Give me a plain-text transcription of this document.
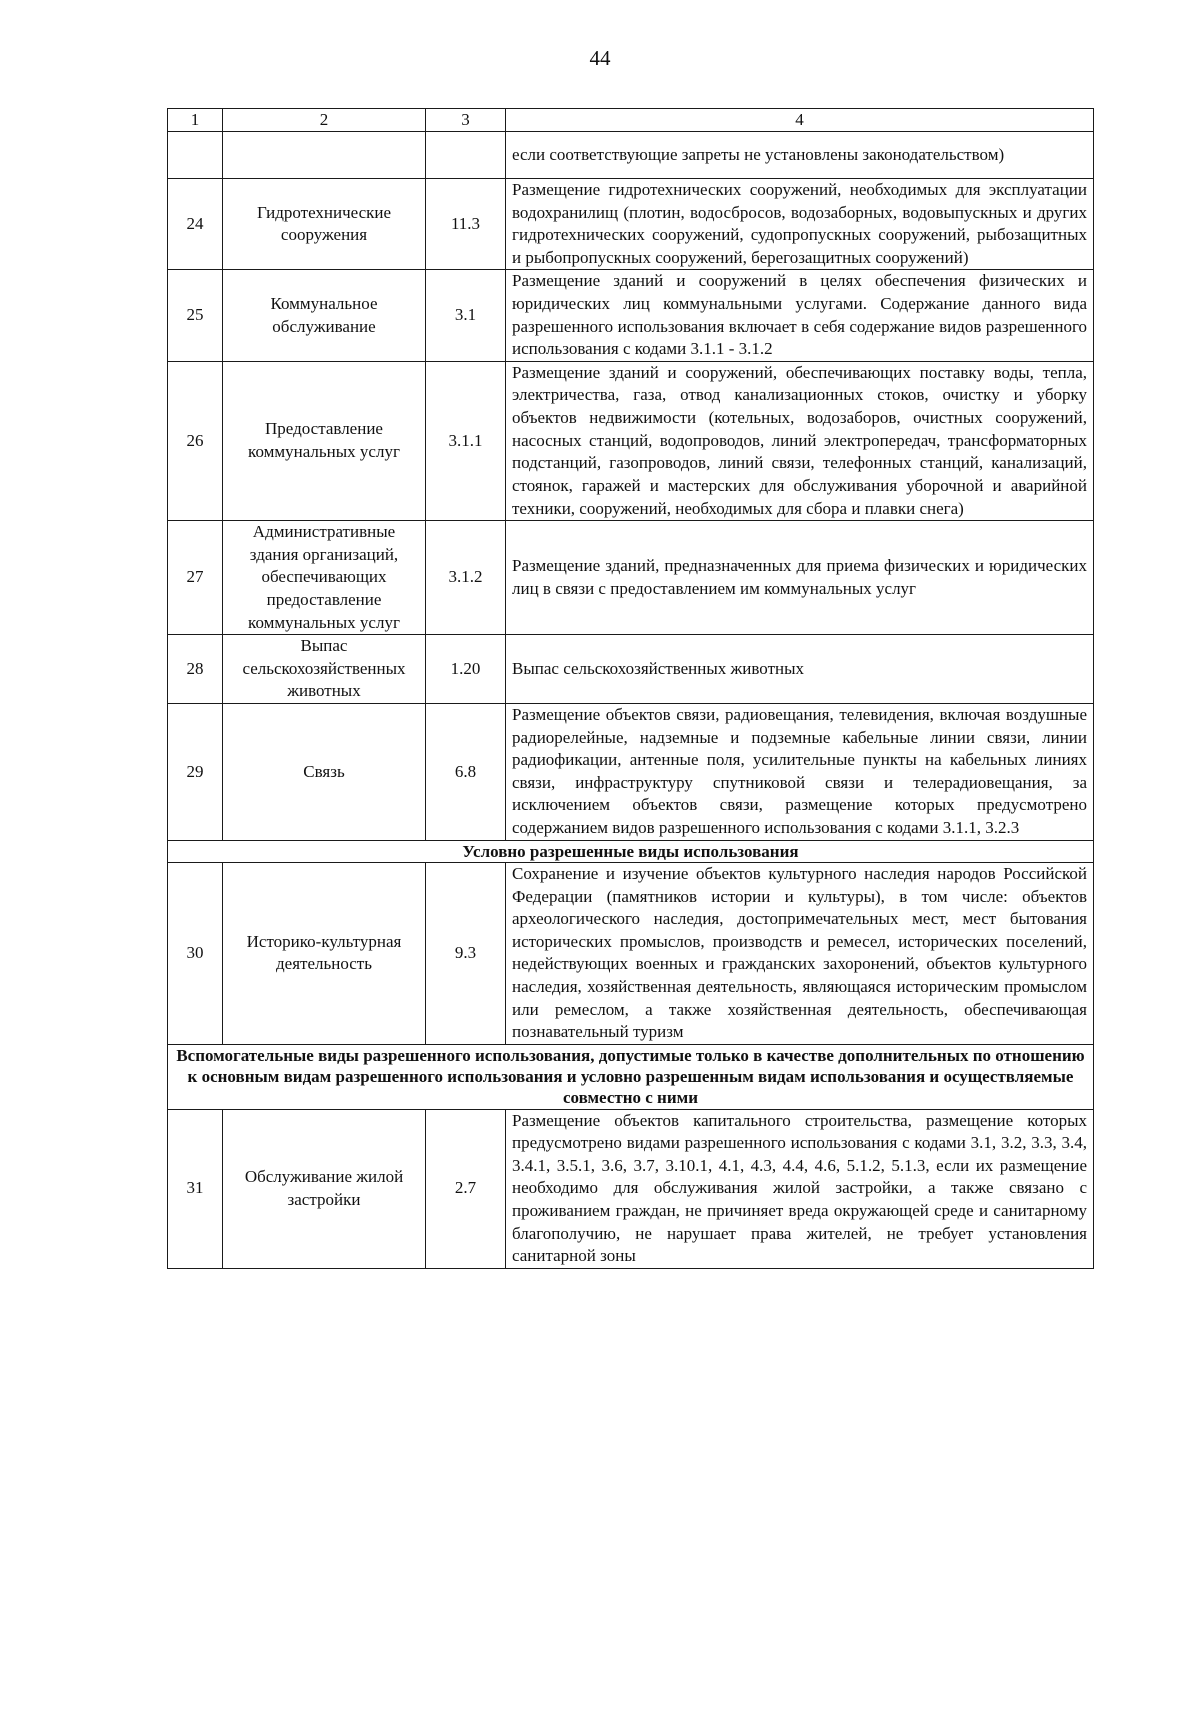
44
1	2	3	4
			если соответствующие запреты не установлены законодательством)
24	Гидротехнические сооружения	11.3	Размещение гидротехнических сооружений, необходимых для эксплуатации водохранилищ (плотин, водосбросов, водозаборных, водовыпускных и других гидротехнических сооружений, судопропускных сооружений, рыбозащитных и рыбопропускных сооружений, берегозащитных сооружений)
25	Коммунальное обслуживание	3.1	Размещение зданий и сооружений в целях обеспечения физических и юридических лиц коммунальными услугами. Содержание данного вида разрешенного использования включает в себя содержание видов разрешенного использования с кодами 3.1.1 - 3.1.2
26	Предоставление коммунальных услуг	3.1.1	Размещение зданий и сооружений, обеспечивающих поставку воды, тепла, электричества, газа, отвод канализационных стоков, очистку и уборку объектов недвижимости (котельных, водозаборов, очистных сооружений, насосных станций, водопроводов, линий электропередач, трансформаторных подстанций, газопроводов, линий связи, телефонных станций, канализаций, стоянок, гаражей и мастерских для обслуживания уборочной и аварийной техники, сооружений, необходимых для сбора и плавки снега)
27	Административные здания организаций, обеспечивающих предоставление коммунальных услуг	3.1.2	Размещение зданий, предназначенных для приема физических и юридических лиц в связи с предоставлением им коммунальных услуг
28	Выпас сельскохозяйственных животных	1.20	Выпас сельскохозяйственных животных
29	Связь	6.8	Размещение объектов связи, радиовещания, телевидения, включая воздушные радиорелейные, надземные и подземные кабельные линии связи, линии радиофикации, антенные поля, усилительные пункты на кабельных линиях связи, инфраструктуру спутниковой связи и телерадиовещания, за исключением объектов связи, размещение которых предусмотрено содержанием видов разрешенного использования с кодами 3.1.1, 3.2.3
Условно разрешенные виды использования			
30	Историко-культурная деятельность	9.3	Сохранение и изучение объектов культурного наследия народов Российской Федерации (памятников истории и культуры), в том числе: объектов археологического наследия, достопримечательных мест, мест бытования исторических промыслов, производств и ремесел, исторических поселений, недействующих военных и гражданских захоронений, объектов культурного наследия, хозяйственная деятельность, являющаяся историческим промыслом или ремеслом, а также хозяйственная деятельность, обеспечивающая познавательный туризм
Вспомогательные виды разрешенного использования, допустимые только в качестве дополнительных по отношению к основным видам разрешенного использования и условно разрешенным видам использования и осуществляемые совместно с ними			
31	Обслуживание жилой застройки	2.7	Размещение объектов капитального строительства, размещение которых предусмотрено видами разрешенного использования с кодами 3.1, 3.2, 3.3, 3.4, 3.4.1, 3.5.1, 3.6, 3.7, 3.10.1, 4.1, 4.3, 4.4, 4.6, 5.1.2, 5.1.3, если их размещение необходимо для обслуживания жилой застройки, а также связано с проживанием граждан, не причиняет вреда окружающей среде и санитарному благополучию, не нарушает права жителей, не требует установления санитарной зоны
